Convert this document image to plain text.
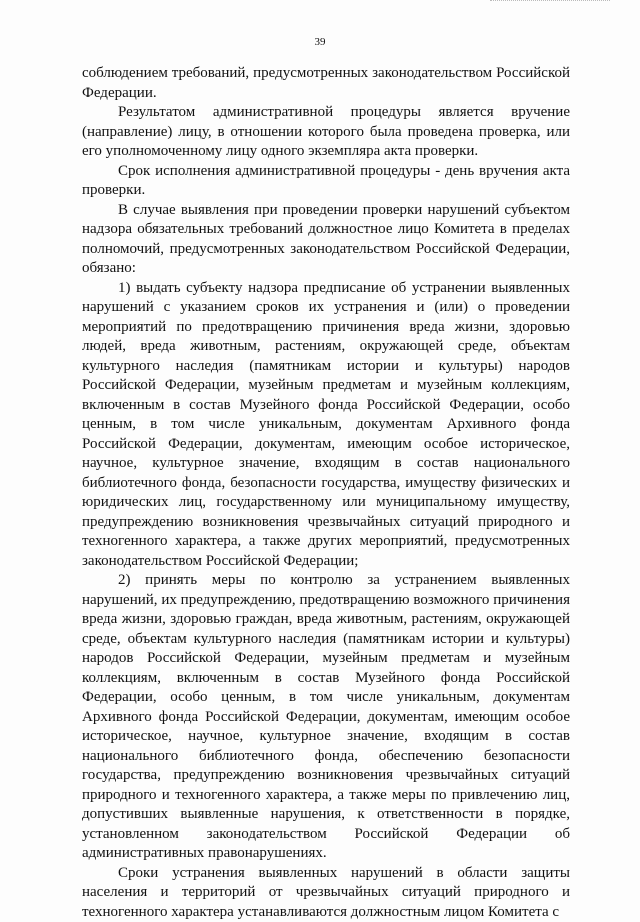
39

соблюдением требований, предусмотренных законодательством Российской Федерации.

Результатом административной процедуры является вручение (направление) лицу, в отношении которого была проведена проверка, или его уполномоченному лицу одного экземпляра акта проверки.

Срок исполнения административной процедуры - день вручения акта проверки.

В случае выявления при проведении проверки нарушений субъектом надзора обязательных требований должностное лицо Комитета в пределах полномочий, предусмотренных законодательством Российской Федерации, обязано:

1) выдать субъекту надзора предписание об устранении выявленных нарушений с указанием сроков их устранения и (или) о проведении мероприятий по предотвращению причинения вреда жизни, здоровью людей, вреда животным, растениям, окружающей среде, объектам культурного наследия (памятникам истории и культуры) народов Российской Федерации, музейным предметам и музейным коллекциям, включенным в состав Музейного фонда Российской Федерации, особо ценным, в том числе уникальным, документам Архивного фонда Российской Федерации, документам, имеющим особое историческое, научное, культурное значение, входящим в состав национального библиотечного фонда, безопасности государства, имуществу физических и юридических лиц, государственному или муниципальному имуществу, предупреждению возникновения чрезвычайных ситуаций природного и техногенного характера, а также других мероприятий, предусмотренных законодательством Российской Федерации;

2) принять меры по контролю за устранением выявленных нарушений, их предупреждению, предотвращению возможного причинения вреда жизни, здоровью граждан, вреда животным, растениям, окружающей среде, объектам культурного наследия (памятникам истории и культуры) народов Российской Федерации, музейным предметам и музейным коллекциям, включенным в состав Музейного фонда Российской Федерации, особо ценным, в том числе уникальным, документам Архивного фонда Российской Федерации, документам, имеющим особое историческое, научное, культурное значение, входящим в состав национального библиотечного фонда, обеспечению безопасности государства, предупреждению возникновения чрезвычайных ситуаций природного и техногенного характера, а также меры по привлечению лиц, допустивших выявленные нарушения, к ответственности в порядке, установленном законодательством Российской Федерации об административных правонарушениях.

Сроки устранения выявленных нарушений в области защиты населения и территорий от чрезвычайных ситуаций природного и техногенного характера устанавливаются должностным лицом Комитета с
